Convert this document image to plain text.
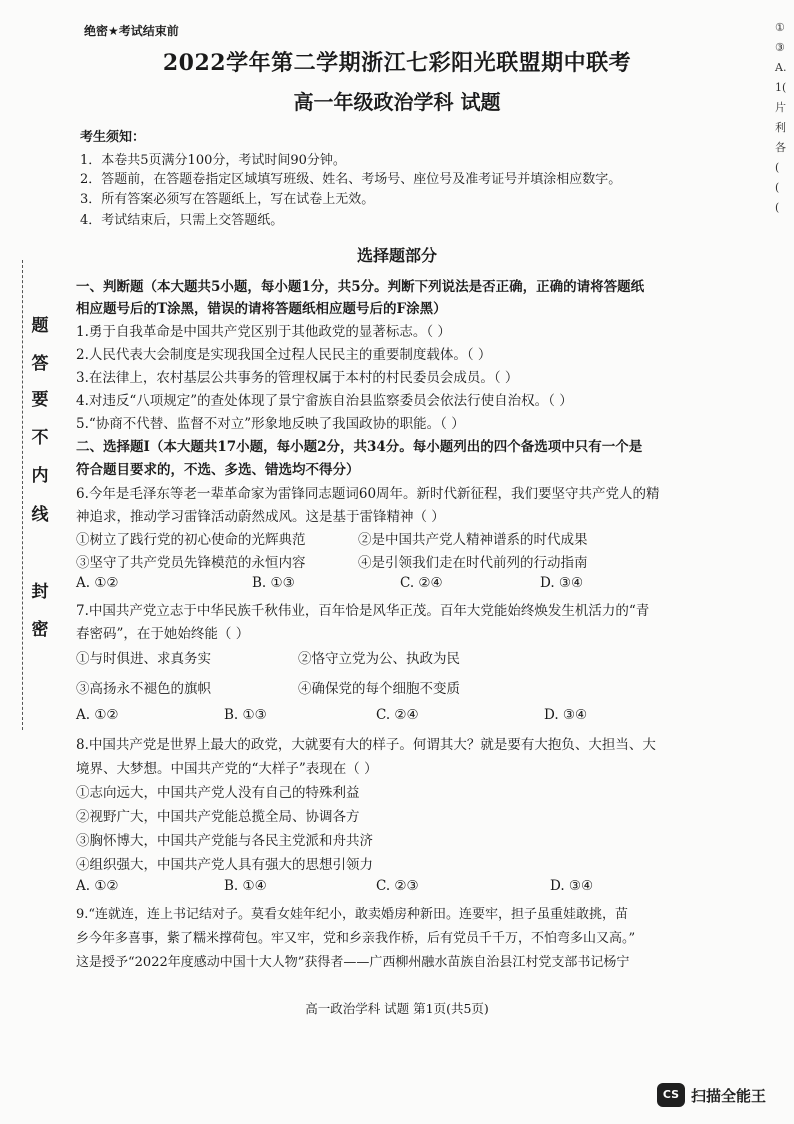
绝密★考试结束前
2022学年第二学期浙江七彩阳光联盟期中联考
高一年级政治学科 试题
考生须知：
1．本卷共5页满分100分，考试时间90分钟。
2．答题前，在答题卷指定区域填写班级、姓名、考场号、座位号及准考证号并填涂相应数字。
3．所有答案必须写在答题纸上，写在试卷上无效。
4．考试结束后，只需上交答题纸。
选择题部分
一、判断题（本大题共5小题，每小题1分，共5分。判断下列说法是否正确，正确的请将答题纸
相应题号后的T涂黑，错误的请将答题纸相应题号后的F涂黑）
1.勇于自我革命是中国共产党区别于其他政党的显著标志。（ ）
2.人民代表大会制度是实现我国全过程人民民主的重要制度载体。（ ）
3.在法律上，农村基层公共事务的管理权属于本村的村民委员会成员。（ ）
4.对违反“八项规定”的查处体现了景宁畲族自治县监察委员会依法行使自治权。（ ）
5.“协商不代替、监督不对立”形象地反映了我国政协的职能。（ ）
二、选择题Ⅰ（本大题共17小题，每小题2分，共34分。每小题列出的四个备选项中只有一个是
符合题目要求的，不选、多选、错选均不得分）
6.今年是毛泽东等老一辈革命家为雷锋同志题词60周年。新时代新征程，我们要坚守共产党人的精
神追求，推动学习雷锋活动蔚然成风。这是基于雷锋精神（ ）
①树立了践行党的初心使命的光辉典范	②是中国共产党人精神谱系的时代成果
③坚守了共产党员先锋模范的永恒内容	④是引领我们走在时代前列的行动指南
A. ①②	B. ①③	C. ②④	D. ③④
7.中国共产党立志于中华民族千秋伟业，百年恰是风华正茂。百年大党能始终焕发生机活力的“青
春密码”，在于她始终能（ ）
①与时俱进、求真务实	②恪守立党为公、执政为民
③高扬永不褪色的旗帜	④确保党的每个细胞不变质
A. ①②	B. ①③	C. ②④	D. ③④
8.中国共产党是世界上最大的政党，大就要有大的样子。何谓其大？就是要有大抱负、大担当、大
境界、大梦想。中国共产党的“大样子”表现在（ ）
①志向远大，中国共产党人没有自己的特殊利益
②视野广大，中国共产党能总揽全局、协调各方
③胸怀博大，中国共产党能与各民主党派和舟共济
④组织强大，中国共产党人具有强大的思想引领力
A. ①②	B. ①④	C. ②③	D. ③④
9.“连就连，连上书记结对子。莫看女娃年纪小，敢卖婚房种新田。连要牢，担子虽重娃敢挑，苗
乡今年多喜事，紫了糯米撑荷包。牢又牢，党和乡亲我作桥，后有党员千千万，不怕弯多山又高。”
这是授予“2022年度感动中国十大人物”获得者——广西柳州融水苗族自治县江村党支部书记杨宁
高一政治学科 试题 第1页(共5页)
密
封
线
内
不
要
答
题
①
③
A.
1(
片
利
各
(
(
(
CS 扫描全能王
